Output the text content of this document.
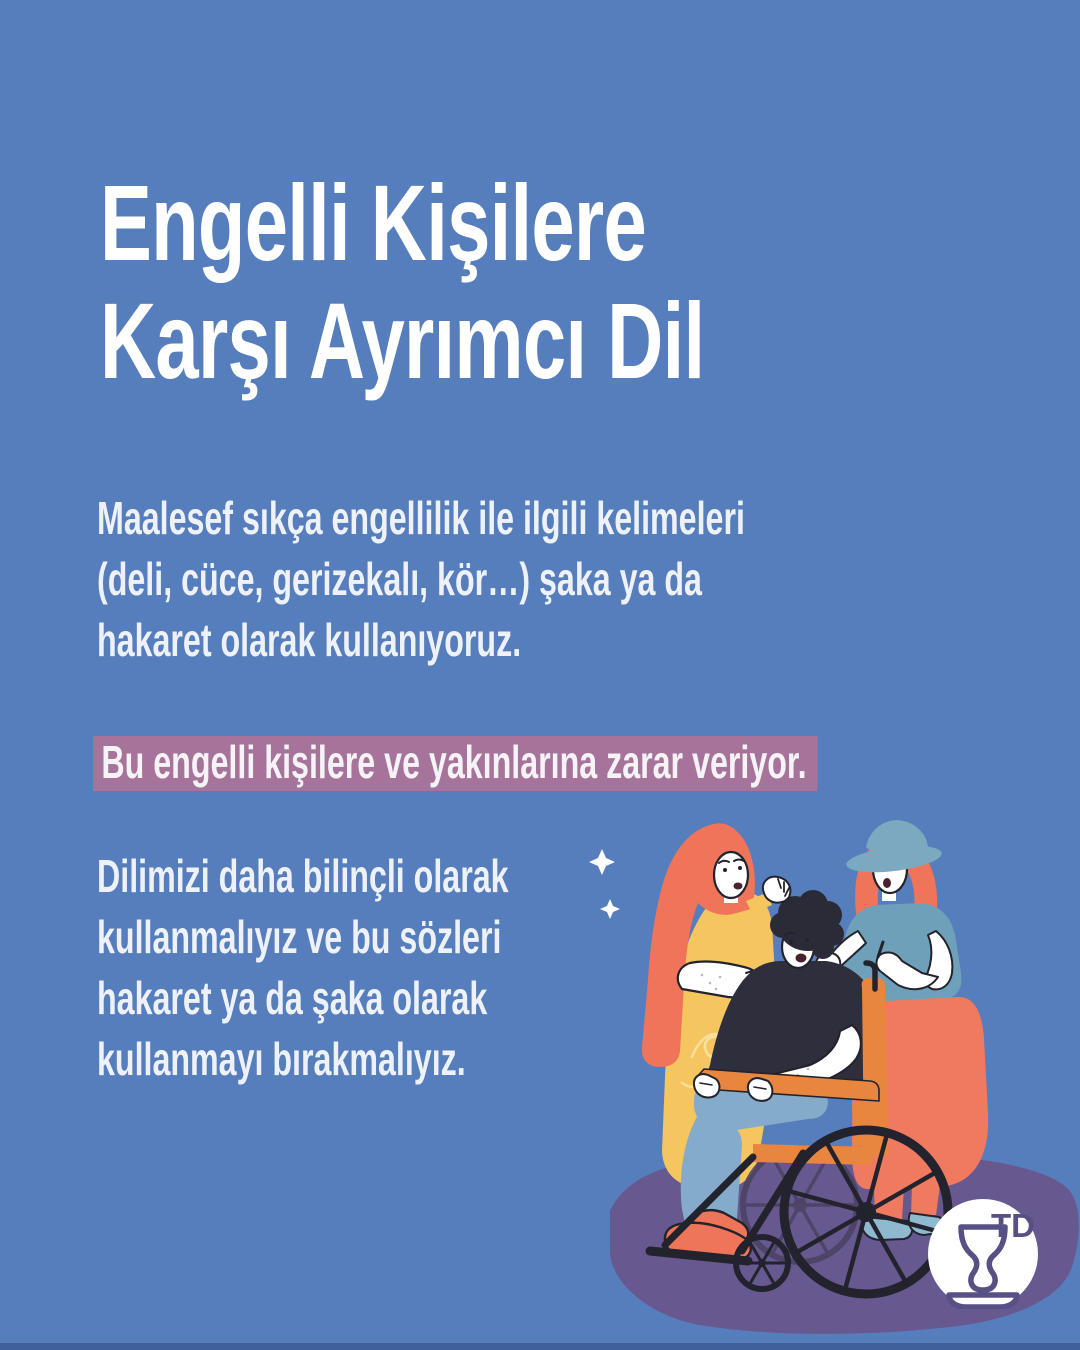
Engelli Kişilere
Karşı Ayrımcı Dil
Maalesef sıkça engellilik ile ilgili kelimeleri
(deli, cüce, gerizekalı, kör…) şaka ya da
hakaret olarak kullanıyoruz.
Bu engelli kişilere ve yakınlarına zarar veriyor.
Dilimizi daha bilinçli olarak
kullanmalıyız ve bu sözleri
hakaret ya da şaka olarak
kullanmayı bırakmalıyız.
TD
